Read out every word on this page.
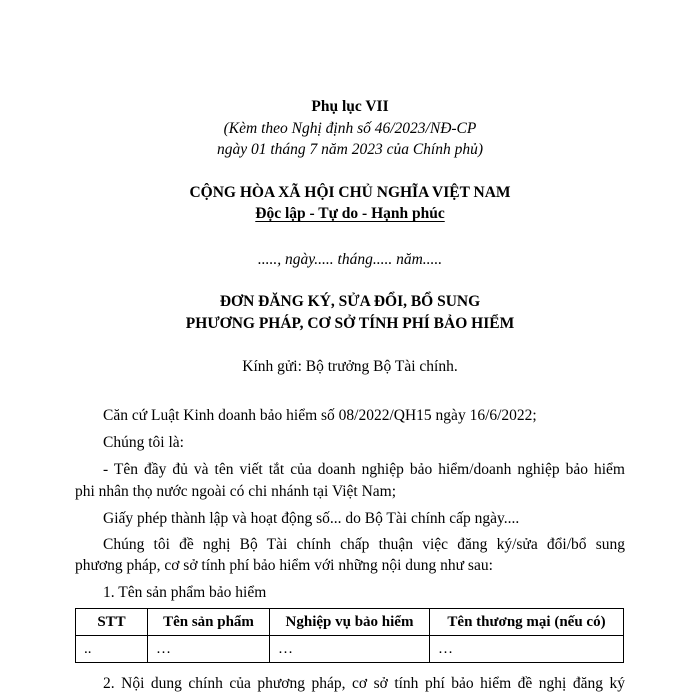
Phụ lục VII
(Kèm theo Nghị định số 46/2023/NĐ-CP
ngày 01 tháng 7 năm 2023 của Chính phủ)
CỘNG HÒA XÃ HỘI CHỦ NGHĨA VIỆT NAM
Độc lập - Tự do - Hạnh phúc
....., ngày..... tháng..... năm.....
ĐƠN ĐĂNG KÝ, SỬA ĐỔI, BỔ SUNG
PHƯƠNG PHÁP, CƠ SỞ TÍNH PHÍ BẢO HIỂM
Kính gửi: Bộ trưởng Bộ Tài chính.
Căn cứ Luật Kinh doanh bảo hiểm số 08/2022/QH15 ngày 16/6/2022;
Chúng tôi là:
- Tên đầy đủ và tên viết tắt của doanh nghiệp bảo hiểm/doanh nghiệp bảo hiểm
phi nhân thọ nước ngoài có chi nhánh tại Việt Nam;
Giấy phép thành lập và hoạt động số... do Bộ Tài chính cấp ngày....
Chúng tôi đề nghị Bộ Tài chính chấp thuận việc đăng ký/sửa đổi/bổ sung
phương pháp, cơ sở tính phí bảo hiểm với những nội dung như sau:
1. Tên sản phẩm bảo hiểm
STT	Tên sản phẩm	Nghiệp vụ bảo hiểm	Tên thương mại (nếu có)
..	…	…	…
2. Nội dung chính của phương pháp, cơ sở tính phí bảo hiểm đề nghị đăng ký
